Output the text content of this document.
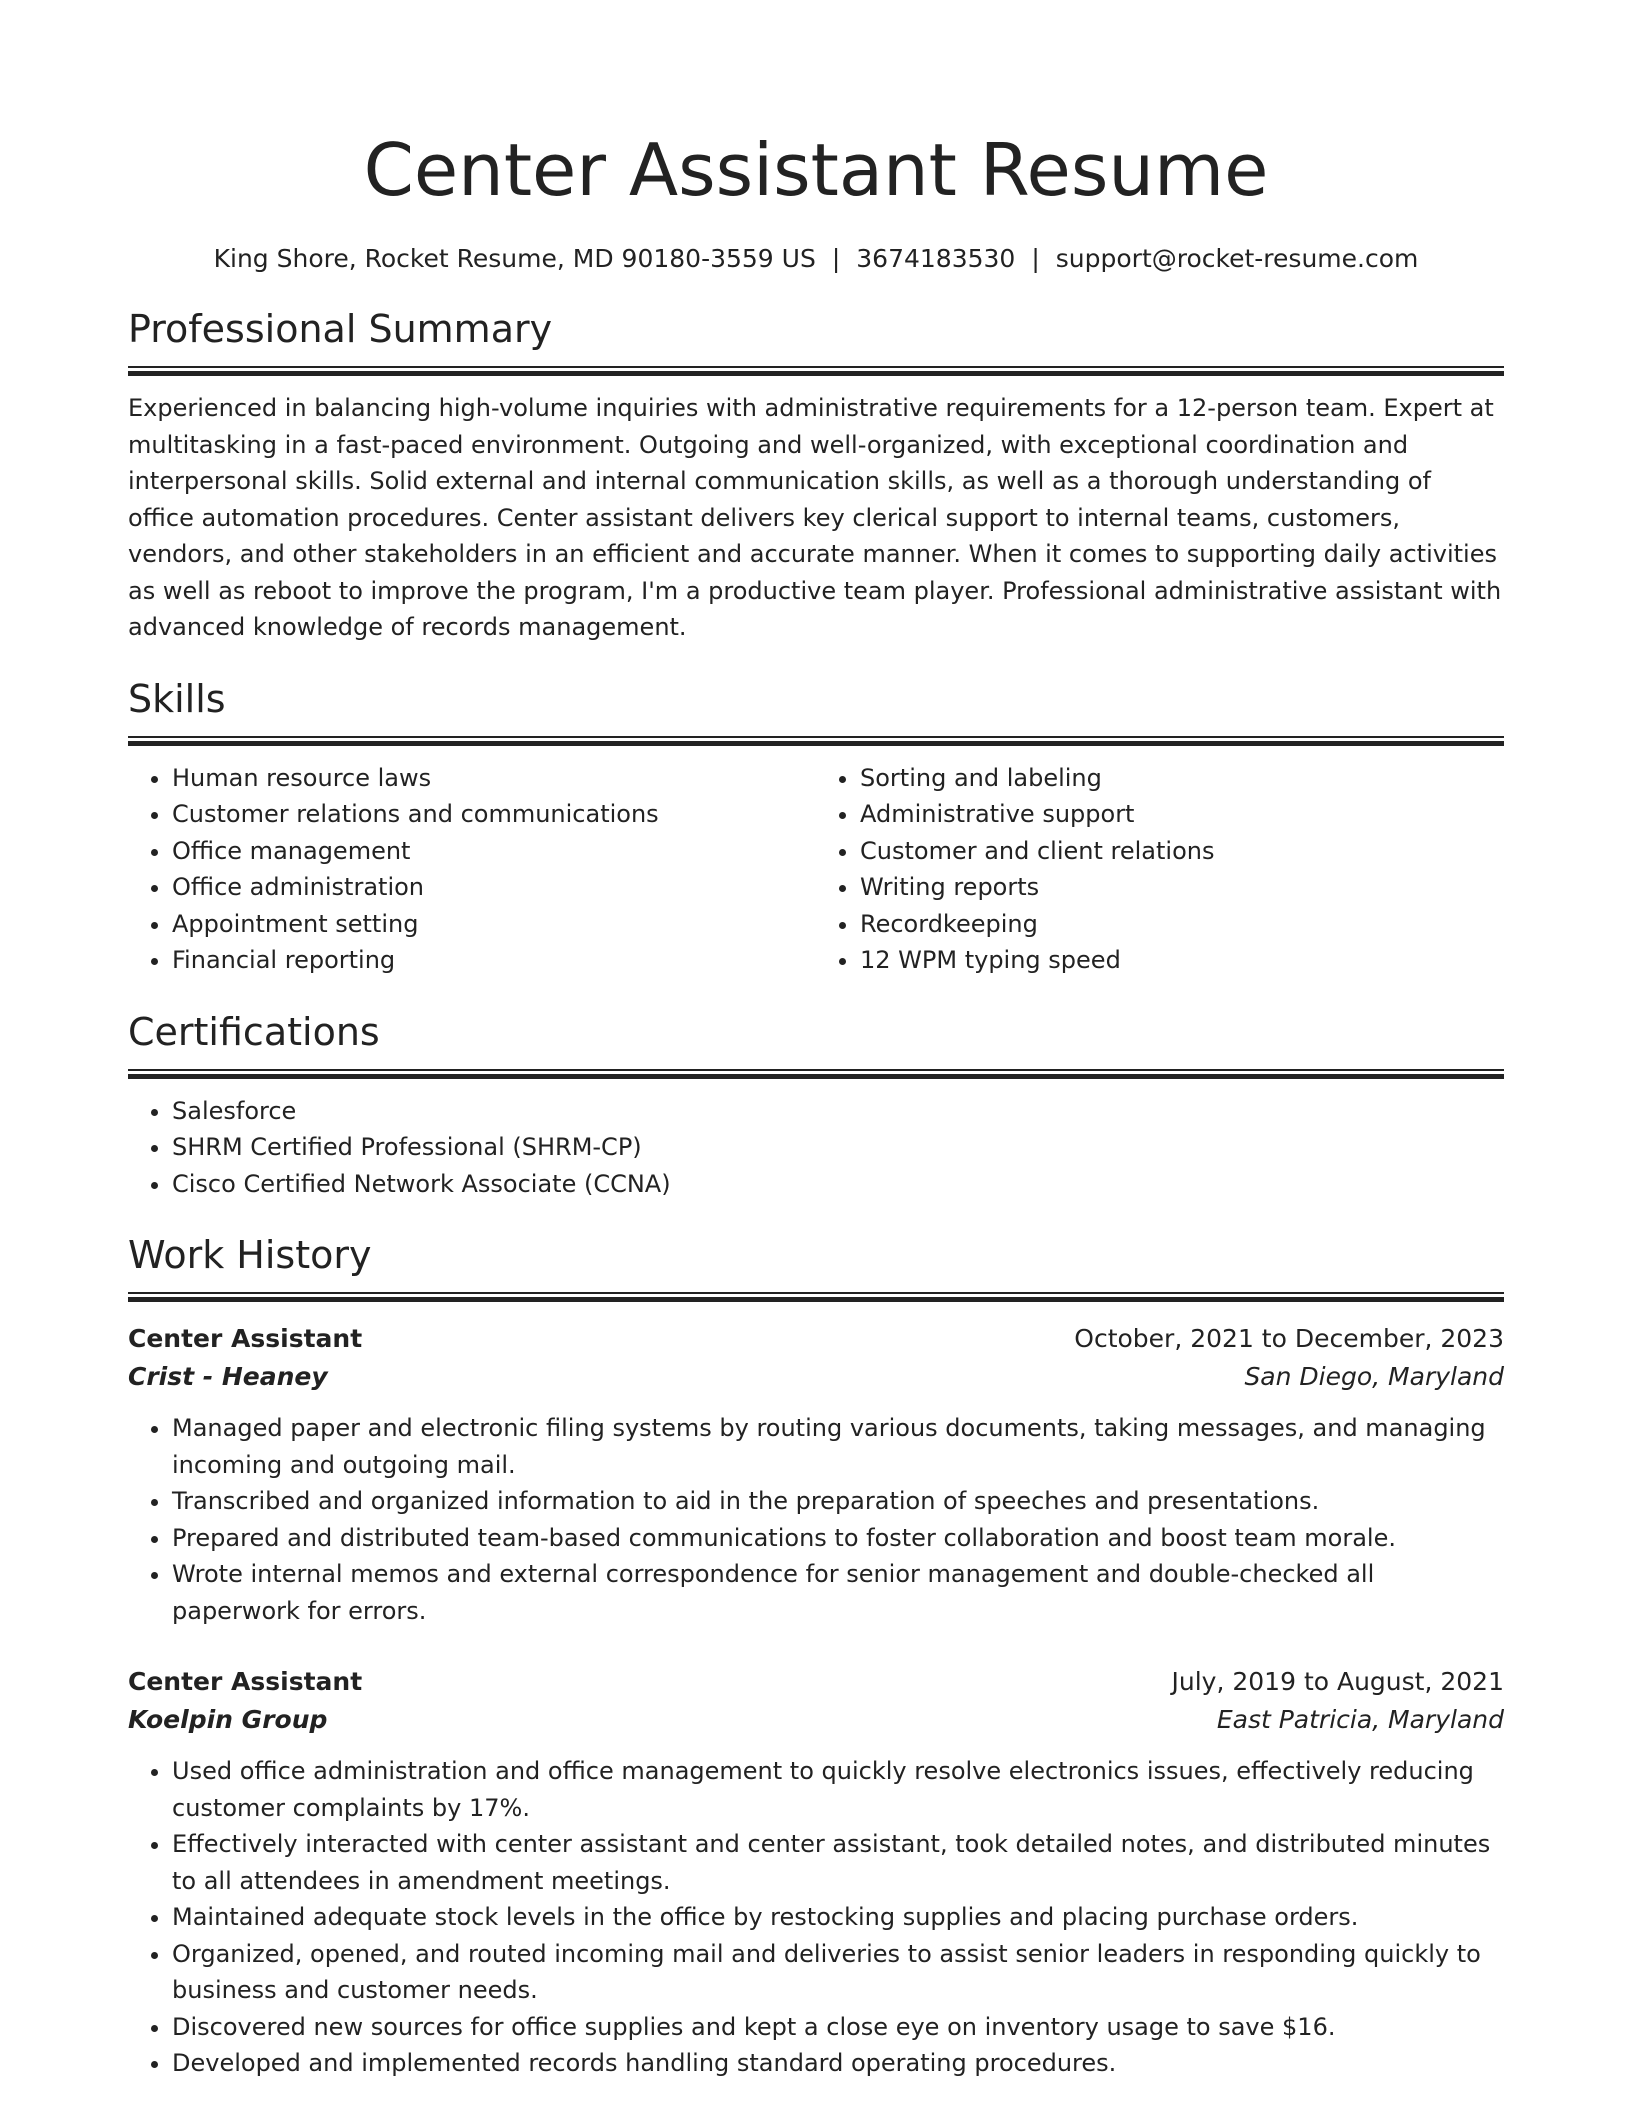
Center Assistant Resume
King Shore, Rocket Resume, MD 90180-3559 US | 3674183530 | support@rocket-resume.com
Professional Summary
Experienced in balancing high-volume inquiries with administrative requirements for a 12-person team. Expert at multitasking in a fast-paced environment. Outgoing and well-organized, with exceptional coordination and interpersonal skills. Solid external and internal communication skills, as well as a thorough understanding of office automation procedures. Center assistant delivers key clerical support to internal teams, customers, vendors, and other stakeholders in an efficient and accurate manner. When it comes to supporting daily activities as well as reboot to improve the program, I'm a productive team player. Professional administrative assistant with advanced knowledge of records management.
Skills
• Human resource laws
• Customer relations and communications
• Office management
• Office administration
• Appointment setting
• Financial reporting
• Sorting and labeling
• Administrative support
• Customer and client relations
• Writing reports
• Recordkeeping
• 12 WPM typing speed
Certifications
• Salesforce
• SHRM Certified Professional (SHRM-CP)
• Cisco Certified Network Associate (CCNA)
Work History
Center Assistant	October, 2021 to December, 2023
Crist - Heaney	San Diego, Maryland
• Managed paper and electronic filing systems by routing various documents, taking messages, and managing incoming and outgoing mail.
• Transcribed and organized information to aid in the preparation of speeches and presentations.
• Prepared and distributed team-based communications to foster collaboration and boost team morale.
• Wrote internal memos and external correspondence for senior management and double-checked all paperwork for errors.
Center Assistant	July, 2019 to August, 2021
Koelpin Group	East Patricia, Maryland
• Used office administration and office management to quickly resolve electronics issues, effectively reducing customer complaints by 17%.
• Effectively interacted with center assistant and center assistant, took detailed notes, and distributed minutes to all attendees in amendment meetings.
• Maintained adequate stock levels in the office by restocking supplies and placing purchase orders.
• Organized, opened, and routed incoming mail and deliveries to assist senior leaders in responding quickly to business and customer needs.
• Discovered new sources for office supplies and kept a close eye on inventory usage to save $16.
• Developed and implemented records handling standard operating procedures.
